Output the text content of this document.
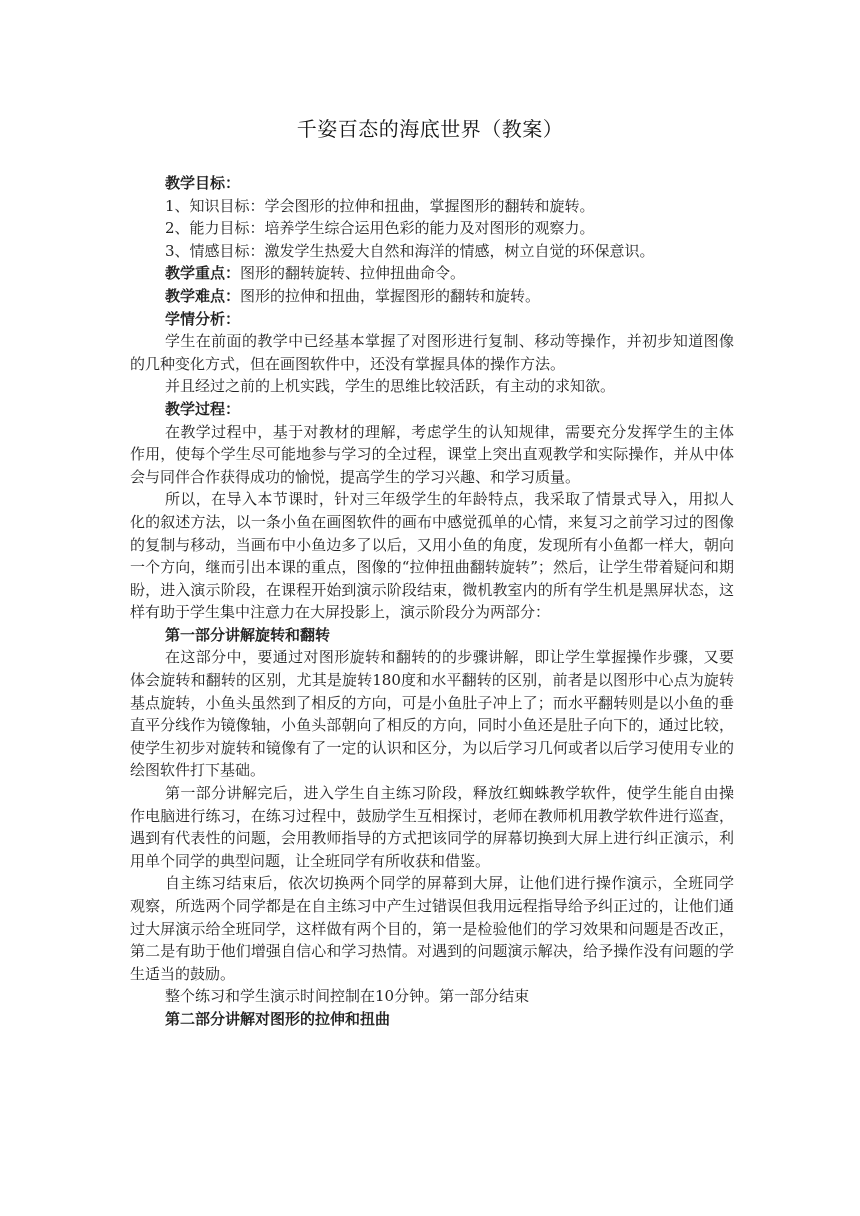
千姿百态的海底世界（教案）

教学目标：

1、知识目标：学会图形的拉伸和扭曲，掌握图形的翻转和旋转。

2、能力目标：培养学生综合运用色彩的能力及对图形的观察力。

3、情感目标：激发学生热爱大自然和海洋的情感，树立自觉的环保意识。

教学重点：图形的翻转旋转、拉伸扭曲命令。

教学难点：图形的拉伸和扭曲，掌握图形的翻转和旋转。

学情分析：

学生在前面的教学中已经基本掌握了对图形进行复制、移动等操作，并初步知道图像的几种变化方式，但在画图软件中，还没有掌握具体的操作方法。

并且经过之前的上机实践，学生的思维比较活跃，有主动的求知欲。

教学过程：

在教学过程中，基于对教材的理解，考虑学生的认知规律，需要充分发挥学生的主体作用，使每个学生尽可能地参与学习的全过程，课堂上突出直观教学和实际操作，并从中体会与同伴合作获得成功的愉悦，提高学生的学习兴趣、和学习质量。

所以，在导入本节课时，针对三年级学生的年龄特点，我采取了情景式导入，用拟人化的叙述方法，以一条小鱼在画图软件的画布中感觉孤单的心情，来复习之前学习过的图像的复制与移动，当画布中小鱼边多了以后，又用小鱼的角度，发现所有小鱼都一样大，朝向一个方向，继而引出本课的重点，图像的“拉伸扭曲翻转旋转”；然后，让学生带着疑问和期盼，进入演示阶段，在课程开始到演示阶段结束，微机教室内的所有学生机是黑屏状态，这样有助于学生集中注意力在大屏投影上，演示阶段分为两部分：

第一部分讲解旋转和翻转

在这部分中，要通过对图形旋转和翻转的的步骤讲解，即让学生掌握操作步骤，又要体会旋转和翻转的区别，尤其是旋转180度和水平翻转的区别，前者是以图形中心点为旋转基点旋转，小鱼头虽然到了相反的方向，可是小鱼肚子冲上了；而水平翻转则是以小鱼的垂直平分线作为镜像轴，小鱼头部朝向了相反的方向，同时小鱼还是肚子向下的，通过比较，使学生初步对旋转和镜像有了一定的认识和区分，为以后学习几何或者以后学习使用专业的绘图软件打下基础。

第一部分讲解完后，进入学生自主练习阶段，释放红蜘蛛教学软件，使学生能自由操作电脑进行练习，在练习过程中，鼓励学生互相探讨，老师在教师机用教学软件进行巡查，遇到有代表性的问题，会用教师指导的方式把该同学的屏幕切换到大屏上进行纠正演示，利用单个同学的典型问题，让全班同学有所收获和借鉴。

自主练习结束后，依次切换两个同学的屏幕到大屏，让他们进行操作演示，全班同学观察，所选两个同学都是在自主练习中产生过错误但我用远程指导给予纠正过的，让他们通过大屏演示给全班同学，这样做有两个目的，第一是检验他们的学习效果和问题是否改正，第二是有助于他们增强自信心和学习热情。对遇到的问题演示解决，给予操作没有问题的学生适当的鼓励。

整个练习和学生演示时间控制在10分钟。第一部分结束

第二部分讲解对图形的拉伸和扭曲
